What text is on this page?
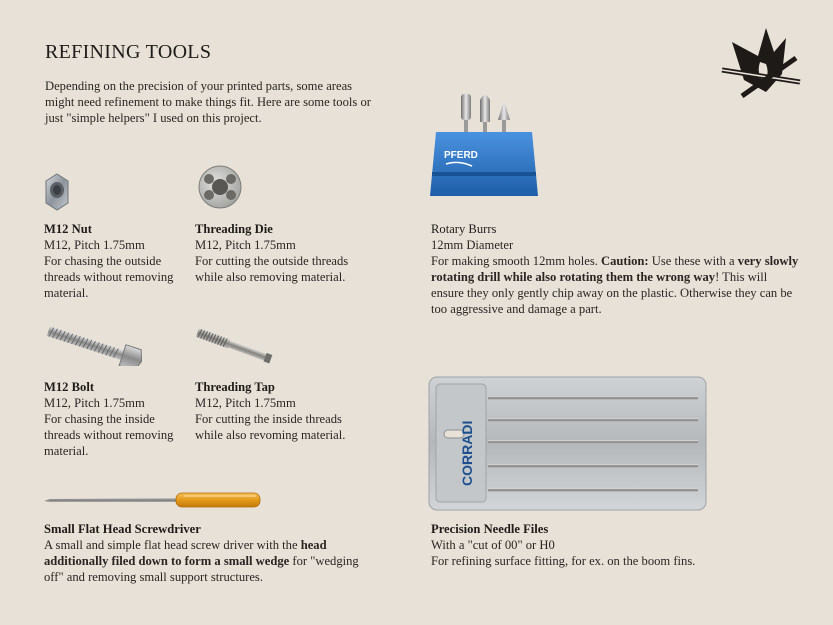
REFINING TOOLS

Depending on the precision of your printed parts, some areas might need refinement to make things fit. Here are some tools or just "simple helpers" I used on this project.

M12 Nut
M12, Pitch 1.75mm
For chasing the outside threads without removing material.
Threading Die
M12, Pitch 1.75mm
For cutting the outside threads while also removing material.
M12 Bolt
M12, Pitch 1.75mm
For chasing the inside threads without removing material.
Threading Tap
M12, Pitch 1.75mm
For cutting the inside threads while also revoming material.
Small Flat Head Screwdriver
A small and simple flat head screw driver with the head additionally filed down to form a small wedge for "wedging off" and removing small support structures.
PFERD
Rotary Burrs
12mm Diameter
For making smooth 12mm holes. Caution: Use these with a very slowly rotating drill while also rotating them the wrong way! This will ensure they only gently chip away on the plastic. Otherwise they can be too aggressive and damage a part.
CORRADI
Precision Needle Files
With a "cut of 00" or H0
For refining surface fitting, for ex. on the boom fins.
